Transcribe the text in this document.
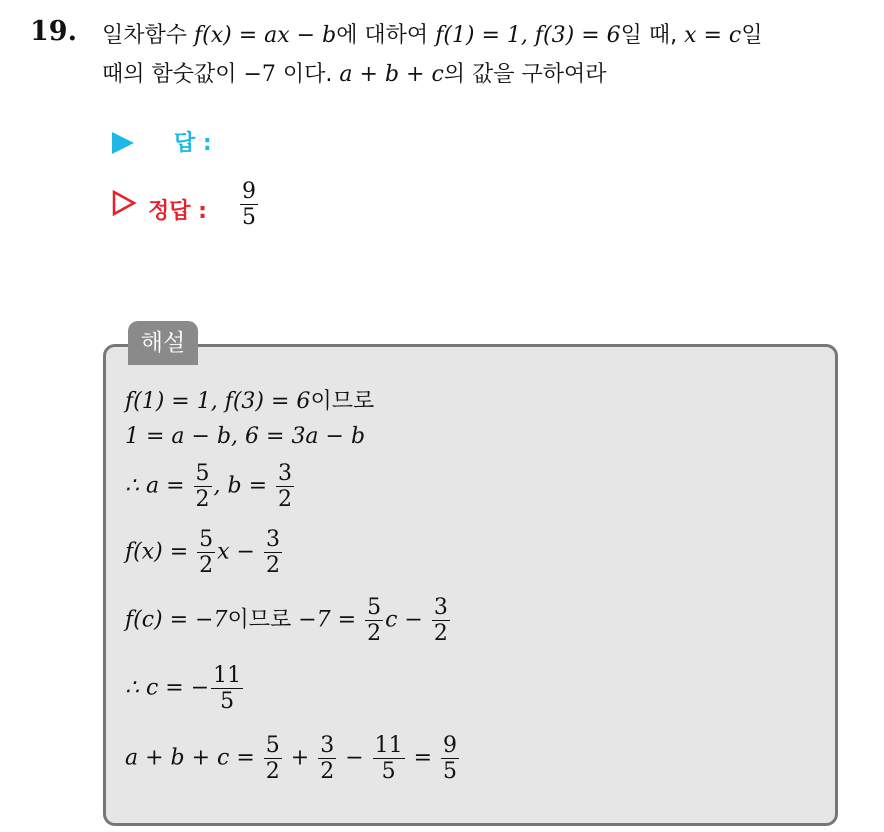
19. 일차함수 f(x) = ax − b에 대하여 f(1) = 1, f(3) = 6일 때, x = c일
때의 함숫값이 −7 이다. a + b + c의 값을 구하여라
답 :
정답 : $\frac{9}{5}$
해설
f(1) = 1, f(3) = 6이므로
1 = a − b, 6 = 3a − b
∴ $a = \frac{5}{2}$ , $b = \frac{3}{2}$
$f(x) = \frac{5}{2}$ $x - \frac{3}{2}$
f(c) = −7이므로 $-7 = \frac{5}{2}$ $c - \frac{3}{2}$
∴ c = − $\frac{11}{5}$
$a + b + c = \frac{5}{2} + \frac{3}{2} - \frac{11}{5} = \frac{9}{5}$
